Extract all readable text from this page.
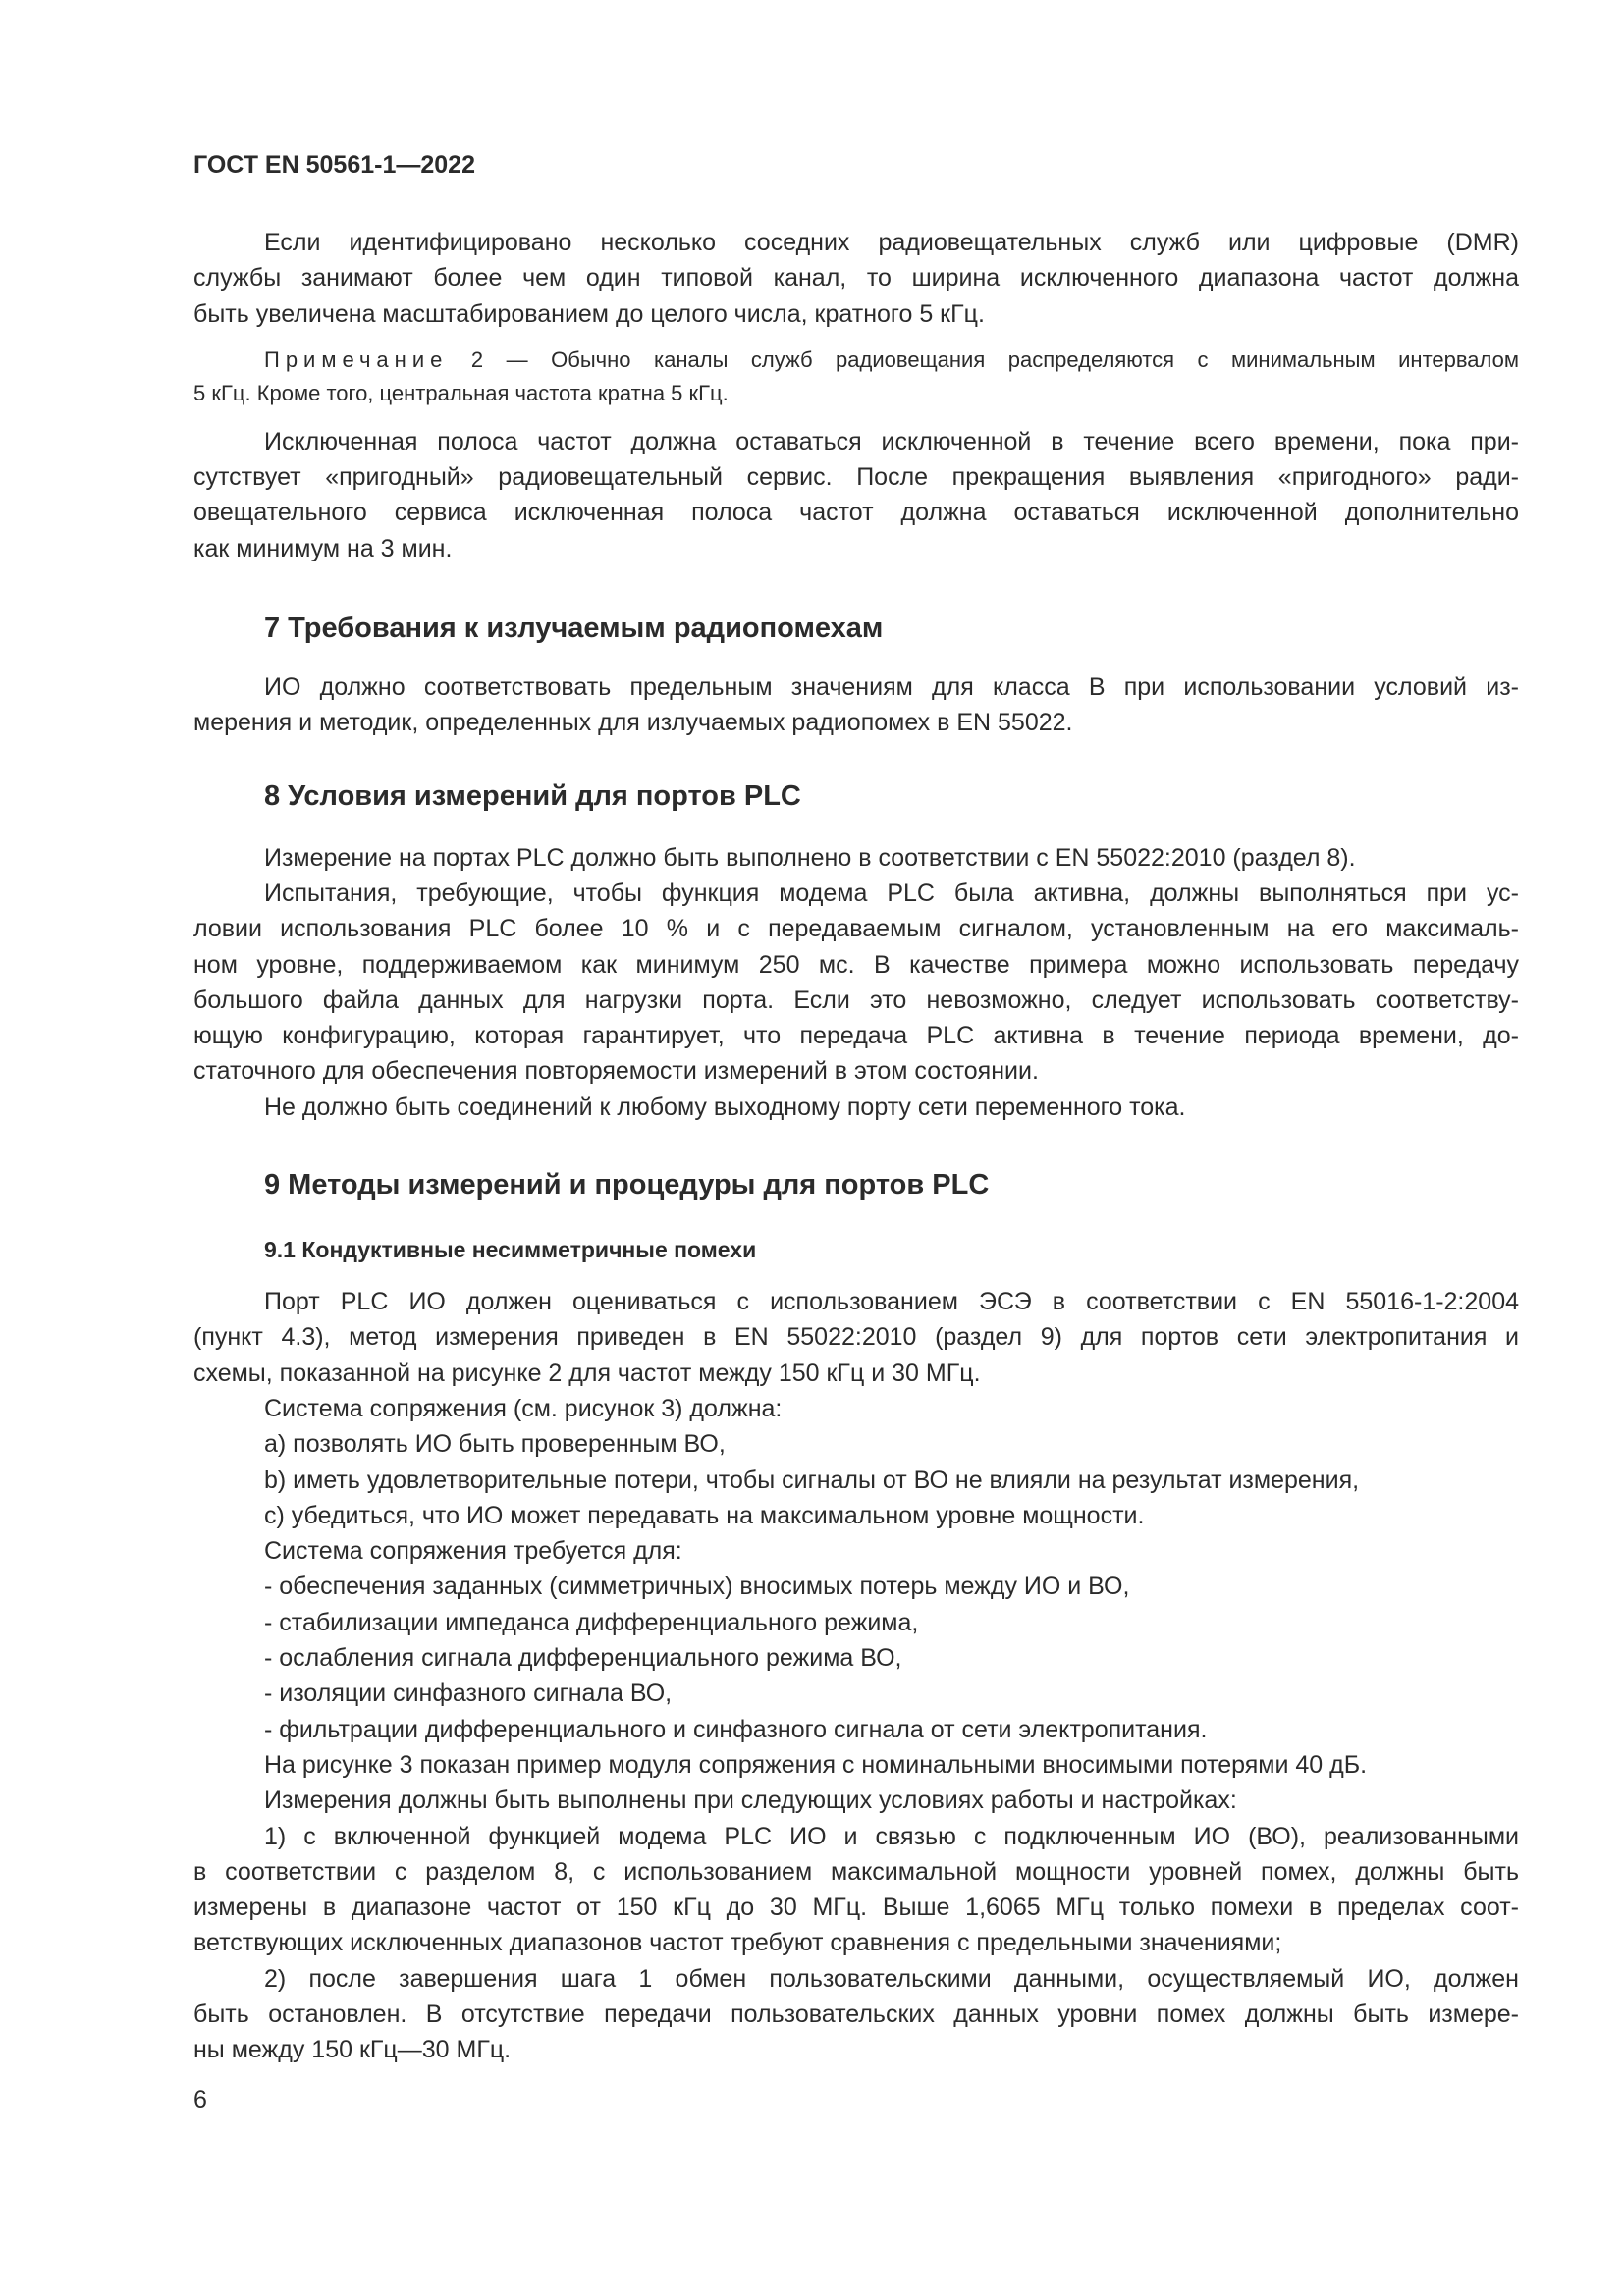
ГОСТ EN 50561-1—2022
Если идентифицировано несколько соседних радиовещательных служб или цифровые (DMR)
службы занимают более чем один типовой канал, то ширина исключенного диапазона частот должна
быть увеличена масштабированием до целого числа, кратного 5 кГц.
Примечание 2 — Обычно каналы служб радиовещания распределяются с минимальным интервалом
5 кГц. Кроме того, центральная частота кратна 5 кГц.
Исключенная полоса частот должна оставаться исключенной в течение всего времени, пока при-
сутствует «пригодный» радиовещательный сервис. После прекращения выявления «пригодного» ради-
овещательного сервиса исключенная полоса частот должна оставаться исключенной дополнительно
как минимум на 3 мин.
7 Требования к излучаемым радиопомехам
ИО должно соответствовать предельным значениям для класса В при использовании условий из-
мерения и методик, определенных для излучаемых радиопомех в EN 55022.
8 Условия измерений для портов PLC
Измерение на портах PLC должно быть выполнено в соответствии с EN 55022:2010 (раздел 8).
Испытания, требующие, чтобы функция модема PLC была активна, должны выполняться при ус-
ловии использования PLC более 10 % и с передаваемым сигналом, установленным на его максималь-
ном уровне, поддерживаемом как минимум 250 мс. В качестве примера можно использовать передачу
большого файла данных для нагрузки порта. Если это невозможно, следует использовать соответству-
ющую конфигурацию, которая гарантирует, что передача PLC активна в течение периода времени, до-
статочного для обеспечения повторяемости измерений в этом состоянии.
Не должно быть соединений к любому выходному порту сети переменного тока.
9 Методы измерений и процедуры для портов PLC
9.1 Кондуктивные несимметричные помехи
Порт PLC ИО должен оцениваться с использованием ЭСЭ в соответствии с EN 55016-1-2:2004
(пункт 4.3), метод измерения приведен в EN 55022:2010 (раздел 9) для портов сети электропитания и
схемы, показанной на рисунке 2 для частот между 150 кГц и 30 МГц.
Система сопряжения (см. рисунок 3) должна:
a) позволять ИО быть проверенным ВО,
b) иметь удовлетворительные потери, чтобы сигналы от ВО не влияли на результат измерения,
c) убедиться, что ИО может передавать на максимальном уровне мощности.
Система сопряжения требуется для:
- обеспечения заданных (симметричных) вносимых потерь между ИО и ВО,
- стабилизации импеданса дифференциального режима,
- ослабления сигнала дифференциального режима ВО,
- изоляции синфазного сигнала ВО,
- фильтрации дифференциального и синфазного сигнала от сети электропитания.
На рисунке 3 показан пример модуля сопряжения с номинальными вносимыми потерями 40 дБ.
Измерения должны быть выполнены при следующих условиях работы и настройках:
1) с включенной функцией модема PLC ИО и связью с подключенным ИО (ВО), реализованными
в соответствии с разделом 8, с использованием максимальной мощности уровней помех, должны быть
измерены в диапазоне частот от 150 кГц до 30 МГц. Выше 1,6065 МГц только помехи в пределах соот-
ветствующих исключенных диапазонов частот требуют сравнения с предельными значениями;
2) после завершения шага 1 обмен пользовательскими данными, осуществляемый ИО, должен
быть остановлен. В отсутствие передачи пользовательских данных уровни помех должны быть измере-
ны между 150 кГц—30 МГц.
6
